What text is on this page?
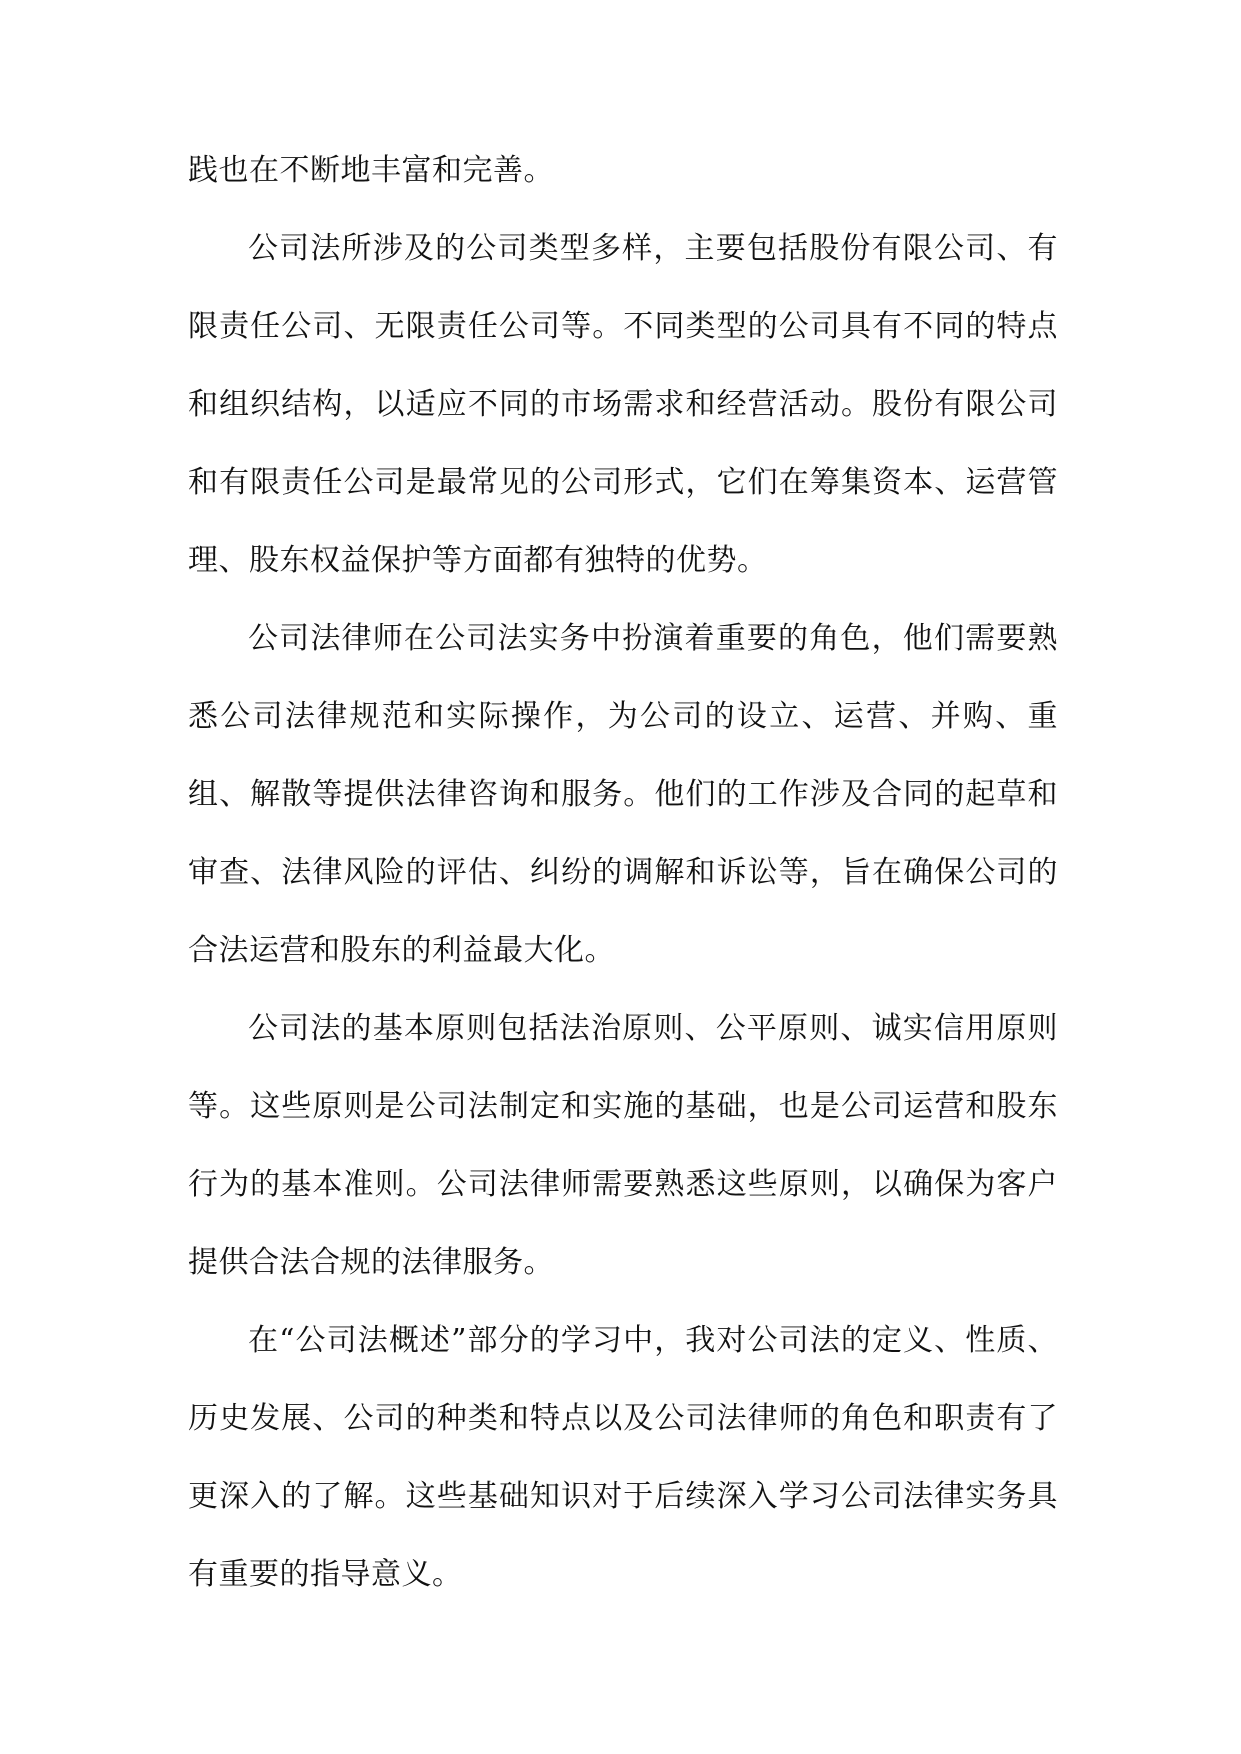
践也在不断地丰富和完善。

公司法所涉及的公司类型多样，主要包括股份有限公司、有限责任公司、无限责任公司等。不同类型的公司具有不同的特点和组织结构，以适应不同的市场需求和经营活动。股份有限公司和有限责任公司是最常见的公司形式，它们在筹集资本、运营管理、股东权益保护等方面都有独特的优势。

公司法律师在公司法实务中扮演着重要的角色，他们需要熟悉公司法律规范和实际操作，为公司的设立、运营、并购、重组、解散等提供法律咨询和服务。他们的工作涉及合同的起草和审查、法律风险的评估、纠纷的调解和诉讼等，旨在确保公司的合法运营和股东的利益最大化。

公司法的基本原则包括法治原则、公平原则、诚实信用原则等。这些原则是公司法制定和实施的基础，也是公司运营和股东行为的基本准则。公司法律师需要熟悉这些原则，以确保为客户提供合法合规的法律服务。

在“公司法概述”部分的学习中，我对公司法的定义、性质、历史发展、公司的种类和特点以及公司法律师的角色和职责有了更深入的了解。这些基础知识对于后续深入学习公司法律实务具有重要的指导意义。
